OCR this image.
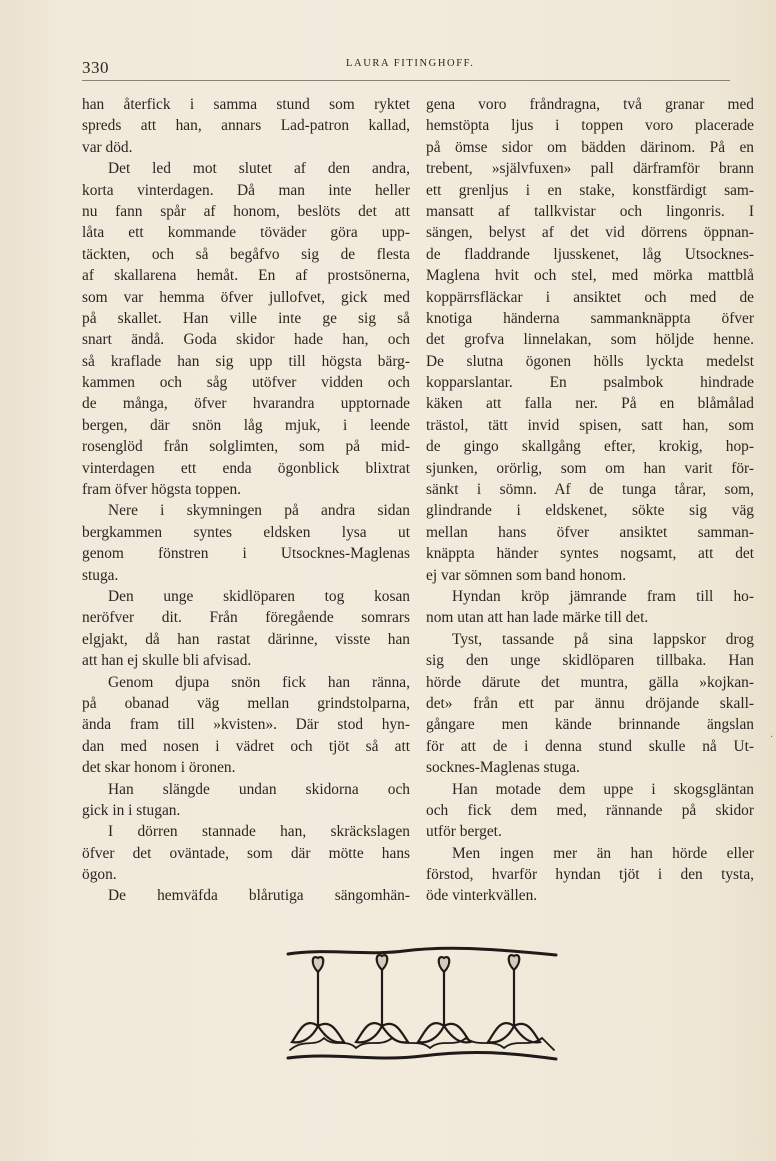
330	LAURA FITINGHOFF.
han återfick i samma stund som ryktet
spreds att han, annars Lad-patron kallad,
var död.
Det led mot slutet af den andra,
korta vinterdagen. Då man inte heller
nu fann spår af honom, beslöts det att
låta ett kommande töväder göra upp-
täckten, och så begåfvo sig de flesta
af skallarena hemåt. En af prostsönerna,
som var hemma öfver jullofvet, gick med
på skallet. Han ville inte ge sig så
snart ändå. Goda skidor hade han, och
så kraflade han sig upp till högsta bärg-
kammen och såg utöfver vidden och
de många, öfver hvarandra upptornade
bergen, där snön låg mjuk, i leende
rosenglöd från solglimten, som på mid-
vinterdagen ett enda ögonblick blixtrat
fram öfver högsta toppen.
Nere i skymningen på andra sidan
bergkammen syntes eldsken lysa ut
genom fönstren i Utsocknes-Maglenas
stuga.
Den unge skidlöparen tog kosan
neröfver dit. Från föregående somrars
elgjakt, då han rastat därinne, visste han
att han ej skulle bli afvisad.
Genom djupa snön fick han ränna,
på obanad väg mellan grindstolparna,
ända fram till »kvisten». Där stod hyn-
dan med nosen i vädret och tjöt så att
det skar honom i öronen.
Han slängde undan skidorna och
gick in i stugan.
I dörren stannade han, skräckslagen
öfver det oväntade, som där mötte hans
ögon.
De hemväfda blårutiga sängomhän-
gena voro fråndragna, två granar med
hemstöpta ljus i toppen voro placerade
på ömse sidor om bädden därinom. På en
trebent, »självfuxen» pall därframför brann
ett grenljus i en stake, konstfärdigt sam-
mansatt af tallkvistar och lingonris. I
sängen, belyst af det vid dörrens öppnan-
de fladdrande ljusskenet, låg Utsocknes-
Maglena hvit och stel, med mörka mattblå
koppärrsfläckar i ansiktet och med de
knotiga händerna sammanknäppta öfver
det grofva linnelakan, som höljde henne.
De slutna ögonen hölls lyckta medelst
kopparslantar. En psalmbok hindrade
käken att falla ner. På en blåmålad
trästol, tätt invid spisen, satt han, som
de gingo skallgång efter, krokig, hop-
sjunken, orörlig, som om han varit för-
sänkt i sömn. Af de tunga tårar, som,
glindrande i eldskenet, sökte sig väg
mellan hans öfver ansiktet samman-
knäppta händer syntes nogsamt, att det
ej var sömnen som band honom.
Hyndan kröp jämrande fram till ho-
nom utan att han lade märke till det.
Tyst, tassande på sina lappskor drog
sig den unge skidlöparen tillbaka. Han
hörde därute det muntra, gälla »kojkan-
det» från ett par ännu dröjande skall-
gångare men kände brinnande ängslan
för att de i denna stund skulle nå Ut-
socknes-Maglenas stuga.
Han motade dem uppe i skogsgläntan
och fick dem med, rännande på skidor
utför berget.
Men ingen mer än han hörde eller
förstod, hvarför hyndan tjöt i den tysta,
öde vinterkvällen.
·
